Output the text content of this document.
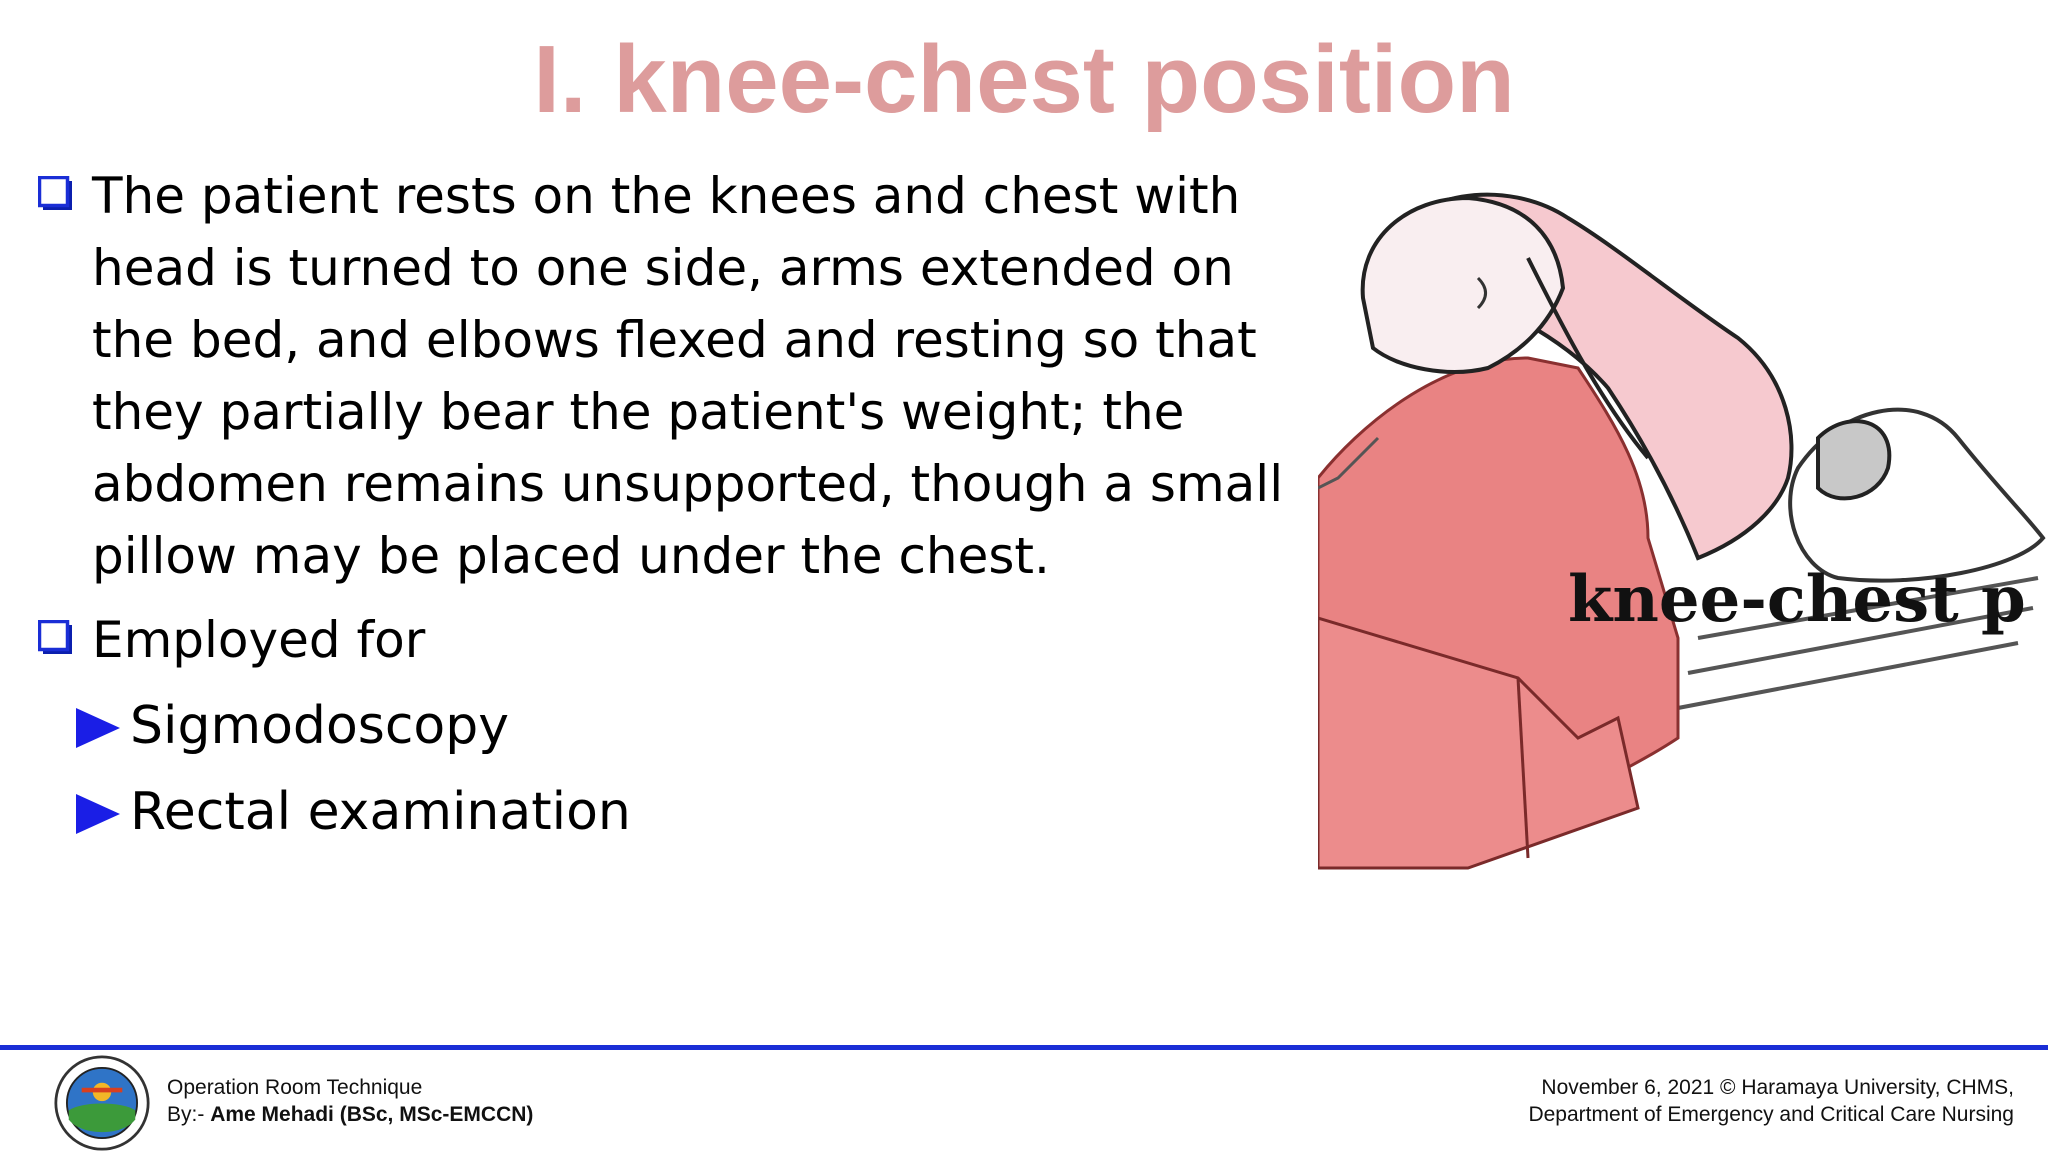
I. knee-chest position
The patient rests on the knees and chest with head is turned to one side, arms extended on the bed, and elbows flexed and resting so that they partially bear the patient's weight; the abdomen remains unsupported, though a small pillow may be placed under the chest.
Employed for
Sigmodoscopy
Rectal examination
knee-chest p
Operation Room Technique
By:- Ame Mehadi (BSc, MSc-EMCCN)
November 6, 2021 © Haramaya University, CHMS,
Department of Emergency and Critical Care Nursing
